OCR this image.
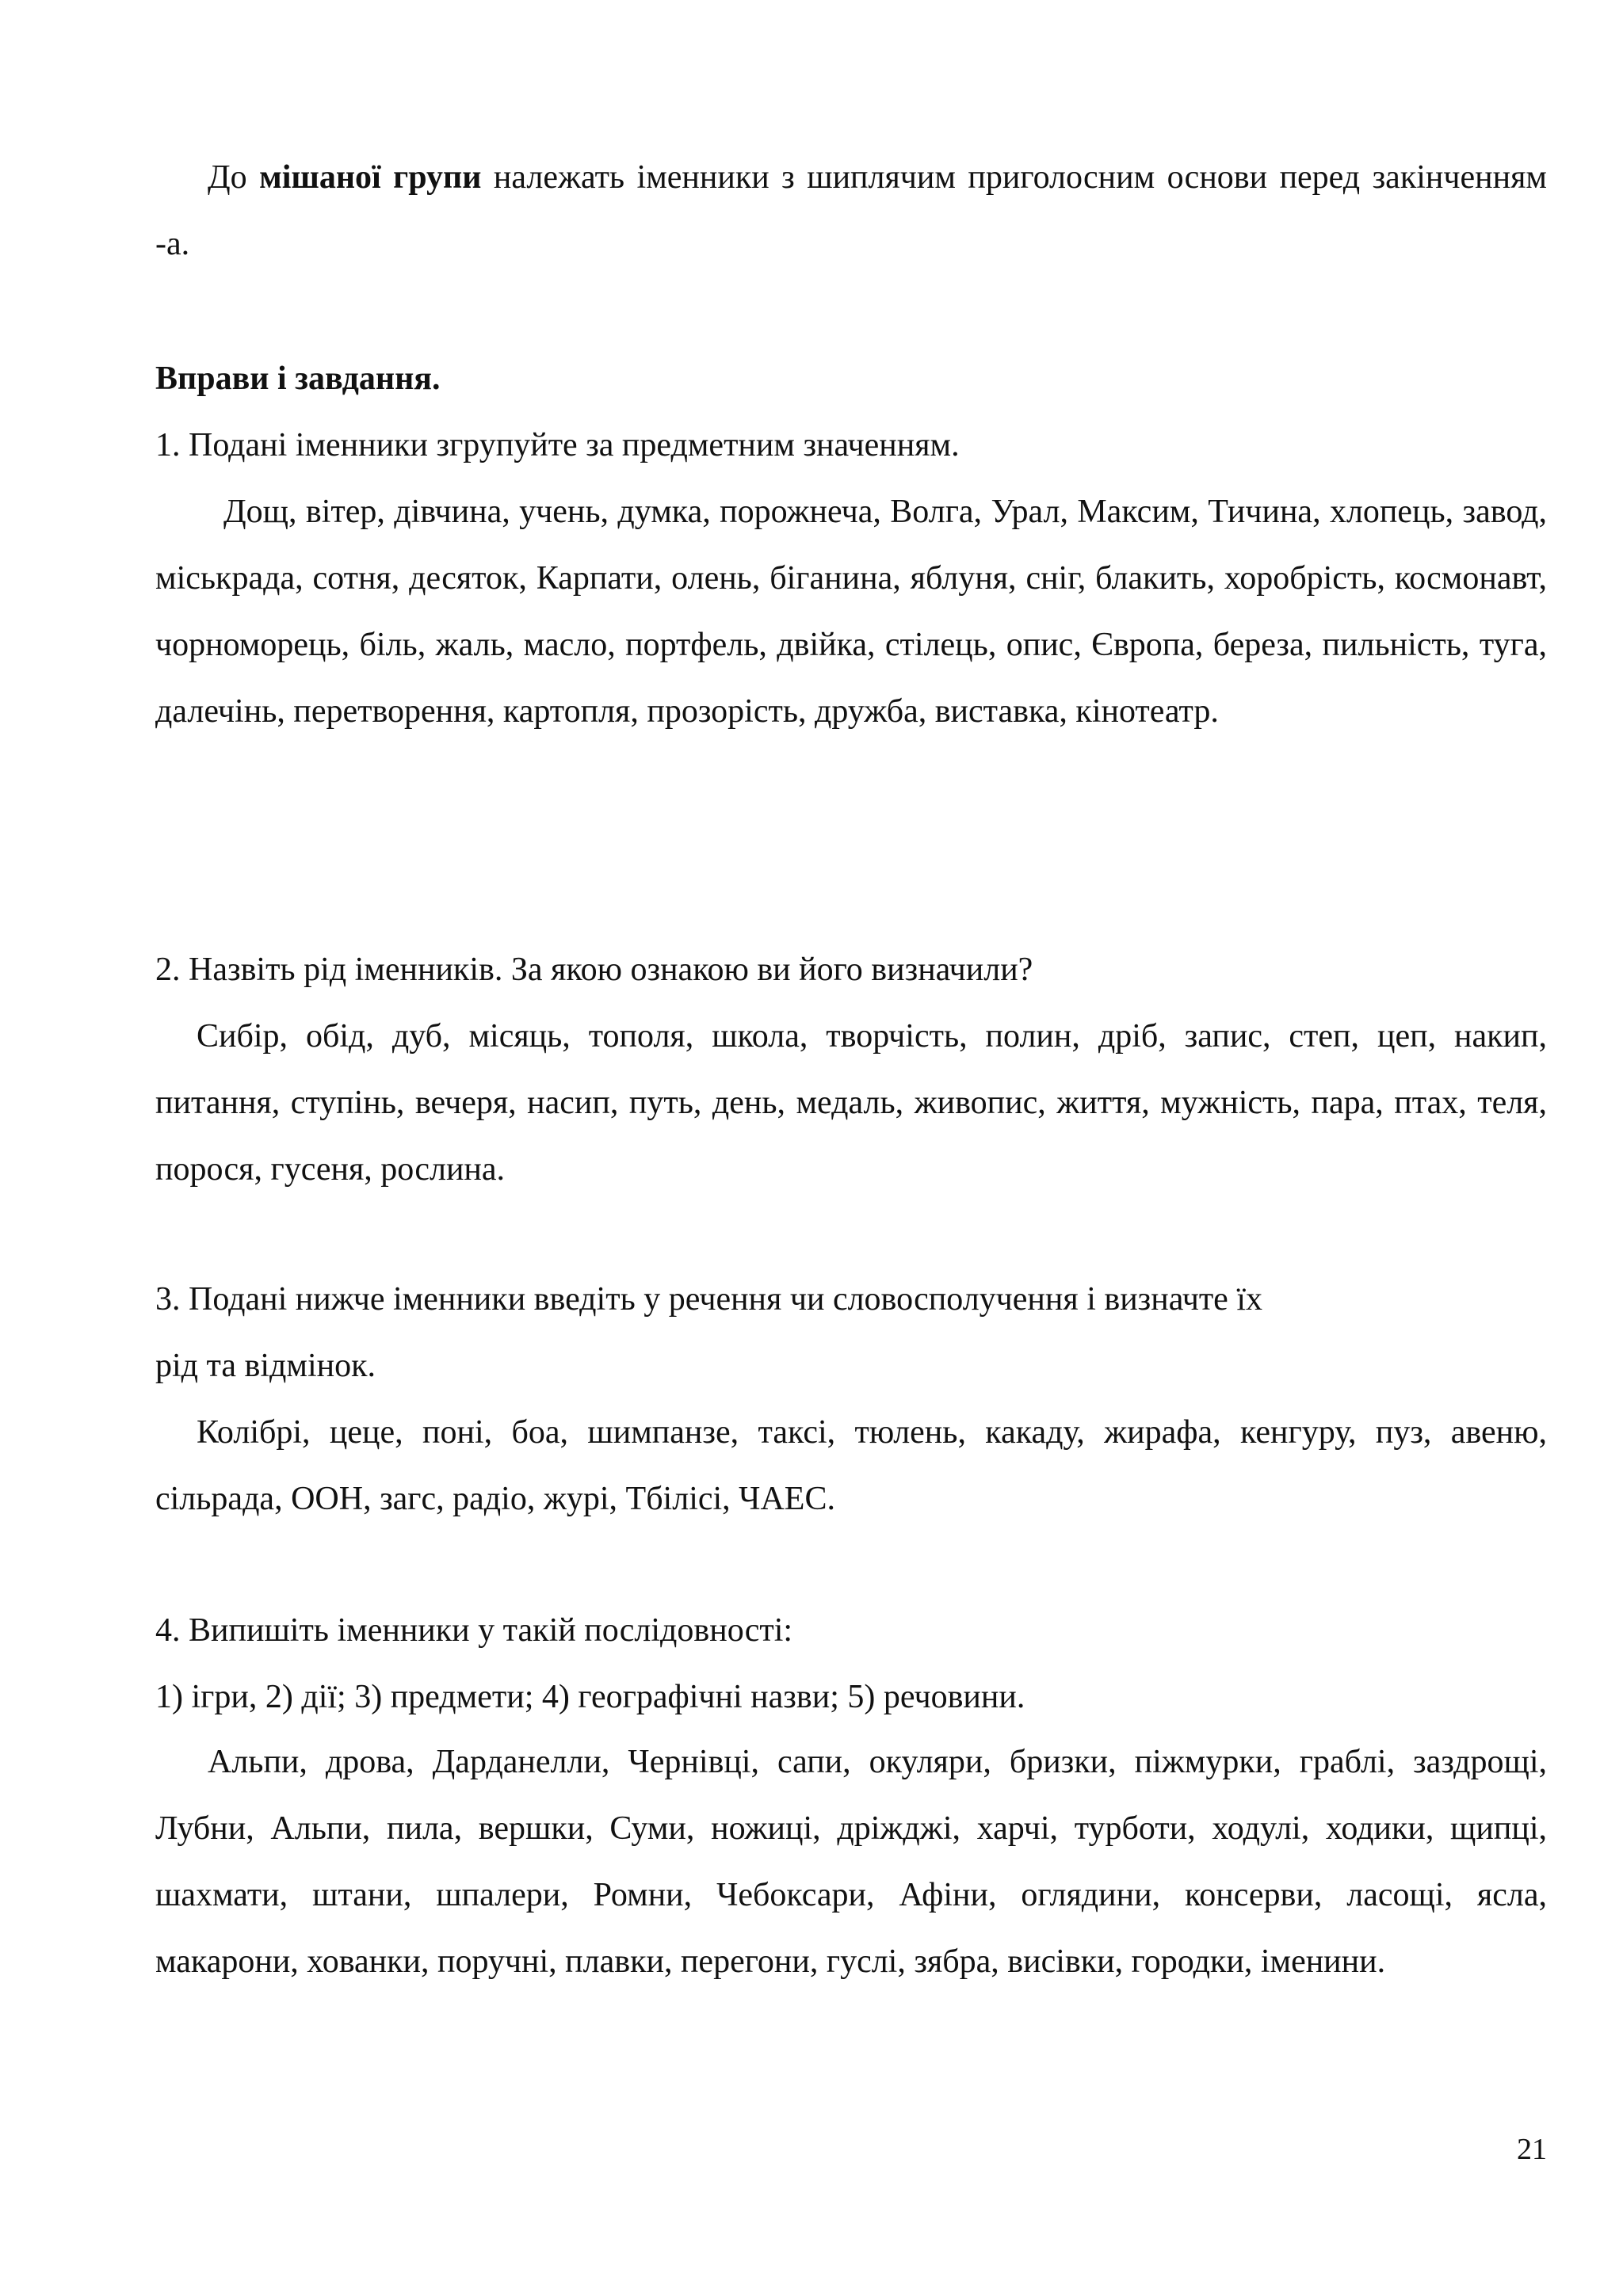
До мішаної групи належать іменники з шиплячим приголосним основи перед закінченням -а.

Вправи і завдання.

1. Подані іменники згрупуйте за предметним значенням.

Дощ, вітер, дівчина, учень, думка, порожнеча, Волга, Урал, Максим, Тичина, хлопець, завод, міськрада, сотня, десяток, Карпати, олень, біганина, яблуня, сніг, блакить, хоробрість, космонавт, чорноморець, біль, жаль, масло, портфель, двійка, стілець, опис, Європа, береза, пильність, туга, далечінь, перетворення, картопля, прозорість, дружба, виставка, кінотеатр.

2. Назвіть рід іменників. За якою ознакою ви його визначили?

Сибір, обід, дуб, місяць, тополя, школа, творчість, полин, дріб, запис, степ, цеп, накип, питання, ступінь, вечеря, насип, путь, день, медаль, живопис, життя, мужність, пара, птах, теля, порося, гусеня, рослина.

3. Подані нижче іменники введіть у речення чи словосполучення і визначте їх

рід та відмінок.

Колібрі, цеце, поні, боа, шимпанзе, таксі, тюлень, какаду, жирафа, кенгуру, пуз, авеню, сільрада, ООН, загс, радіо, журі, Тбілісі, ЧАЕС.

4. Випишіть іменники у такій послідовності:

1) ігри, 2) дії; 3) предмети; 4) географічні назви; 5) речовини.

Альпи, дрова, Дарданелли, Чернівці, сапи, окуляри, бризки, піжмурки, граблі, заздрощі, Лубни, Альпи, пила, вершки, Суми, ножиці, дріжджі, харчі, турботи, ходулі, ходики, щипці, шахмати, штани, шпалери, Ромни, Чебоксари, Афіни, оглядини, консерви, ласощі, ясла, макарони, хованки, поручні, плавки, перегони, гуслі, зябра, висівки, городки, іменини.

21
